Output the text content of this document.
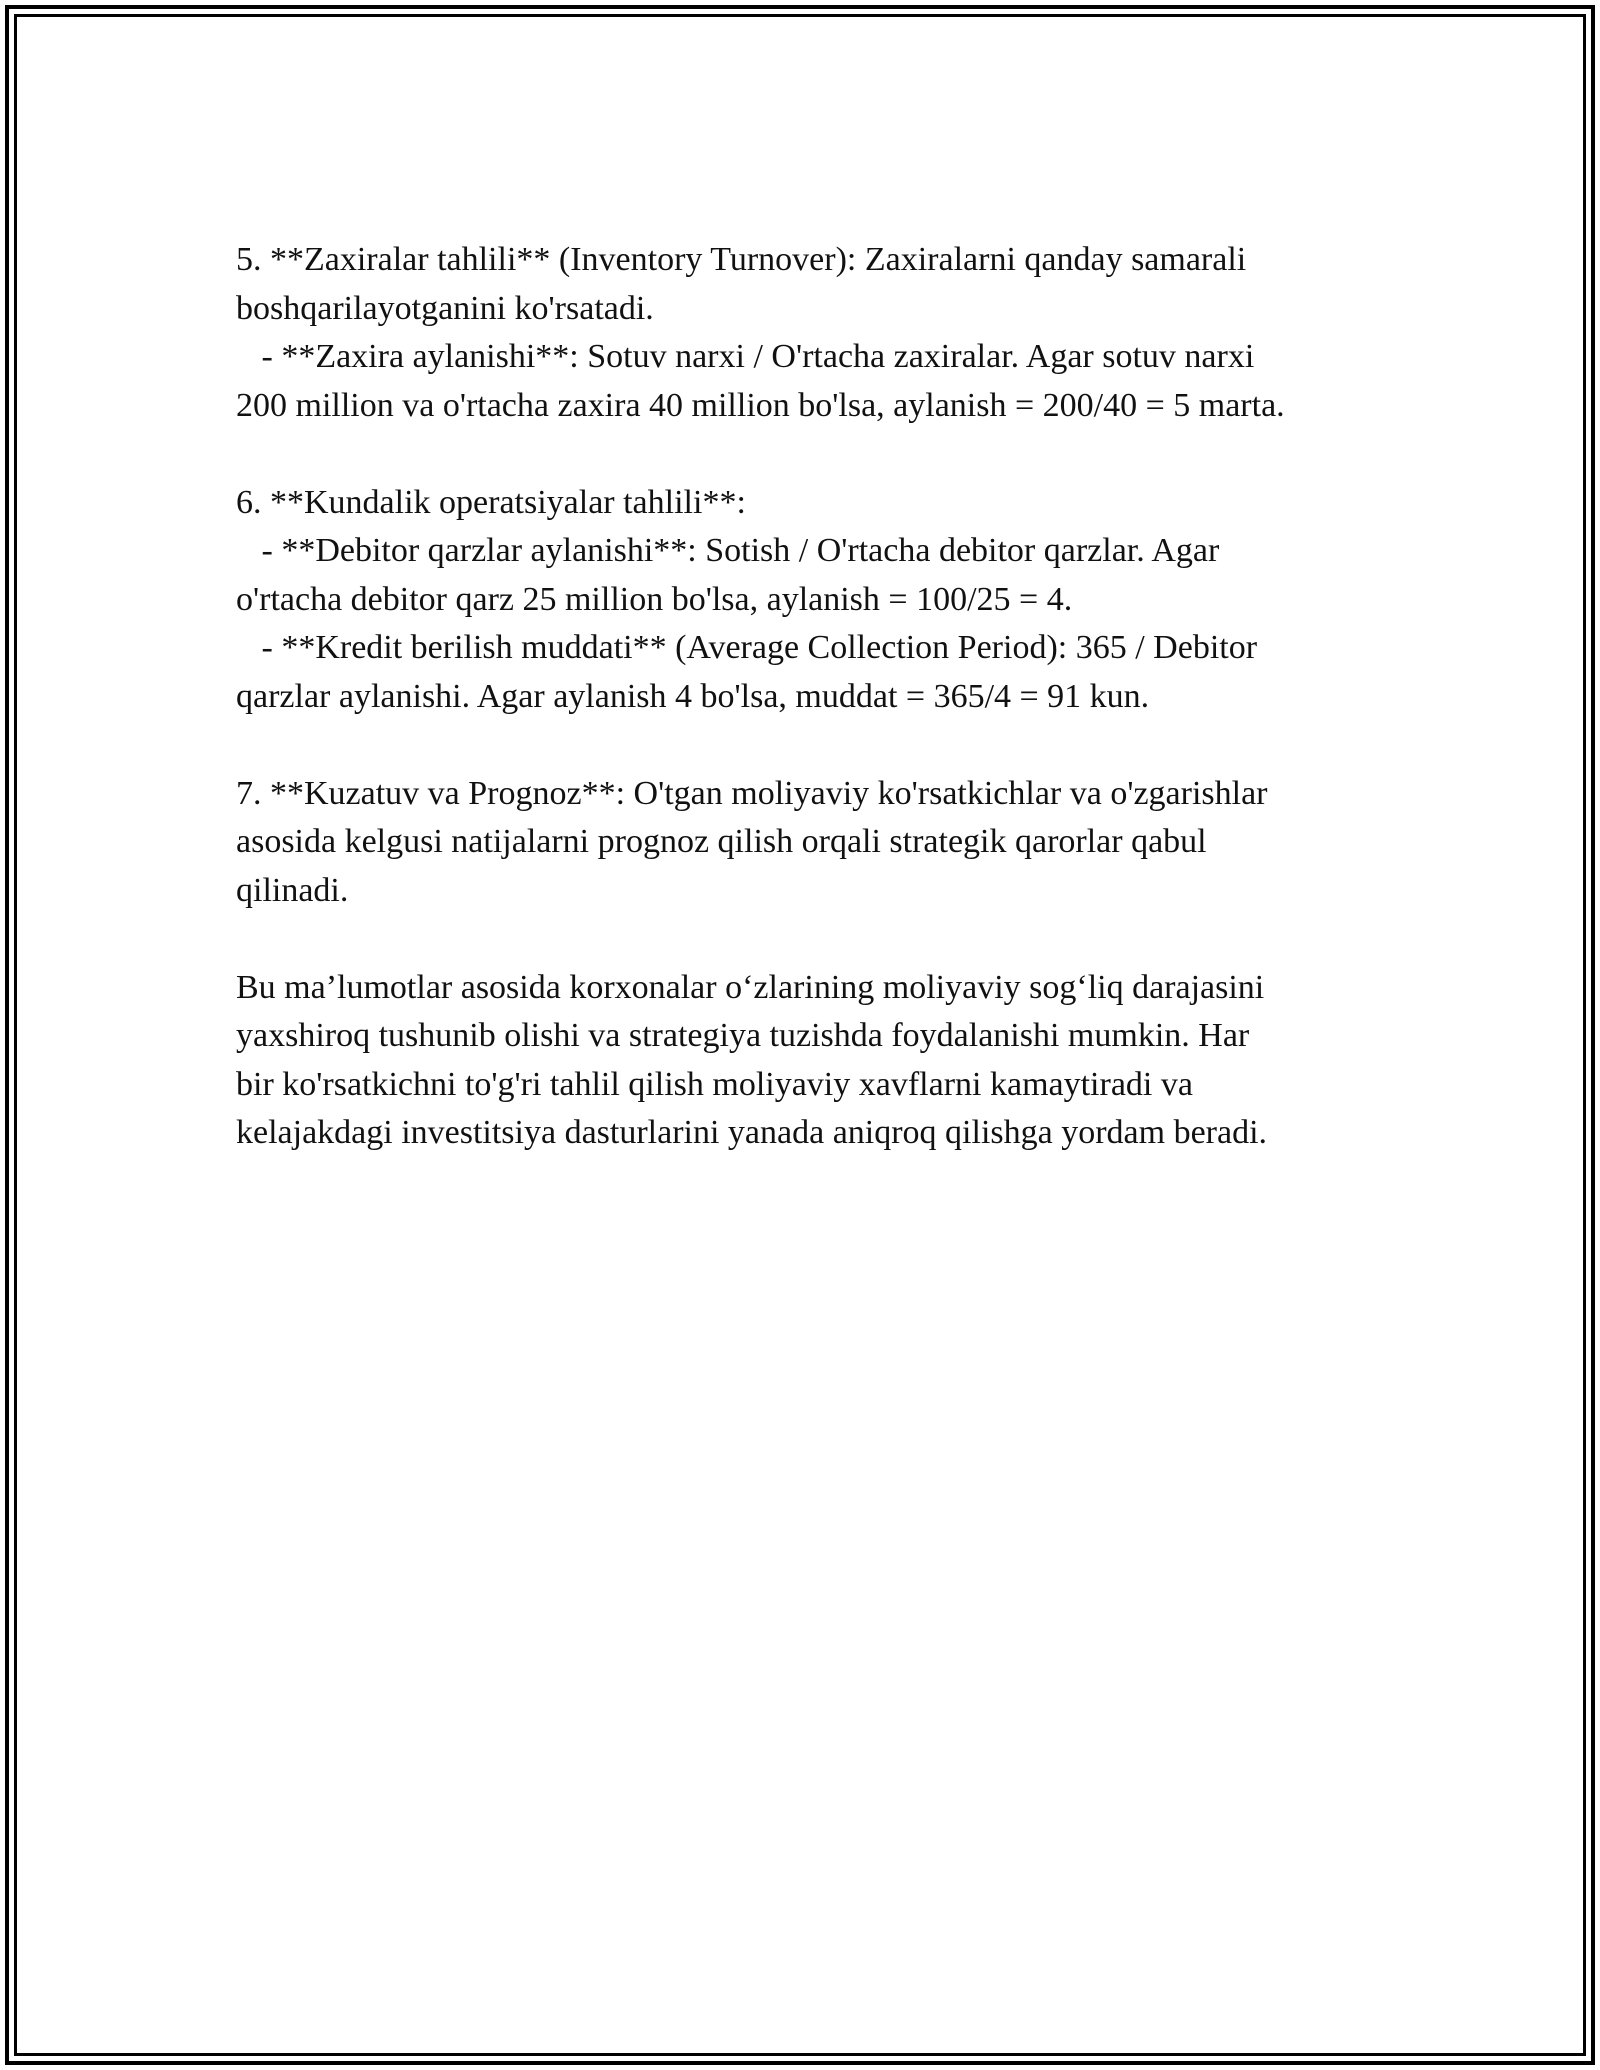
5. **Zaxiralar tahlili** (Inventory Turnover): Zaxiralarni qanday samarali
boshqarilayotganini ko'rsatadi.
- **Zaxira aylanishi**: Sotuv narxi / O'rtacha zaxiralar. Agar sotuv narxi
200 million va o'rtacha zaxira 40 million bo'lsa, aylanish = 200/40 = 5 marta.
6. **Kundalik operatsiyalar tahlili**:
- **Debitor qarzlar aylanishi**: Sotish / O'rtacha debitor qarzlar. Agar
o'rtacha debitor qarz 25 million bo'lsa, aylanish = 100/25 = 4.
- **Kredit berilish muddati** (Average Collection Period): 365 / Debitor
qarzlar aylanishi. Agar aylanish 4 bo'lsa, muddat = 365/4 = 91 kun.
7. **Kuzatuv va Prognoz**: O'tgan moliyaviy ko'rsatkichlar va o'zgarishlar
asosida kelgusi natijalarni prognoz qilish orqali strategik qarorlar qabul
qilinadi.
Bu ma’lumotlar asosida korxonalar o‘zlarining moliyaviy sog‘liq darajasini
yaxshiroq tushunib olishi va strategiya tuzishda foydalanishi mumkin. Har
bir ko'rsatkichni to'g'ri tahlil qilish moliyaviy xavflarni kamaytiradi va
kelajakdagi investitsiya dasturlarini yanada aniqroq qilishga yordam beradi.
